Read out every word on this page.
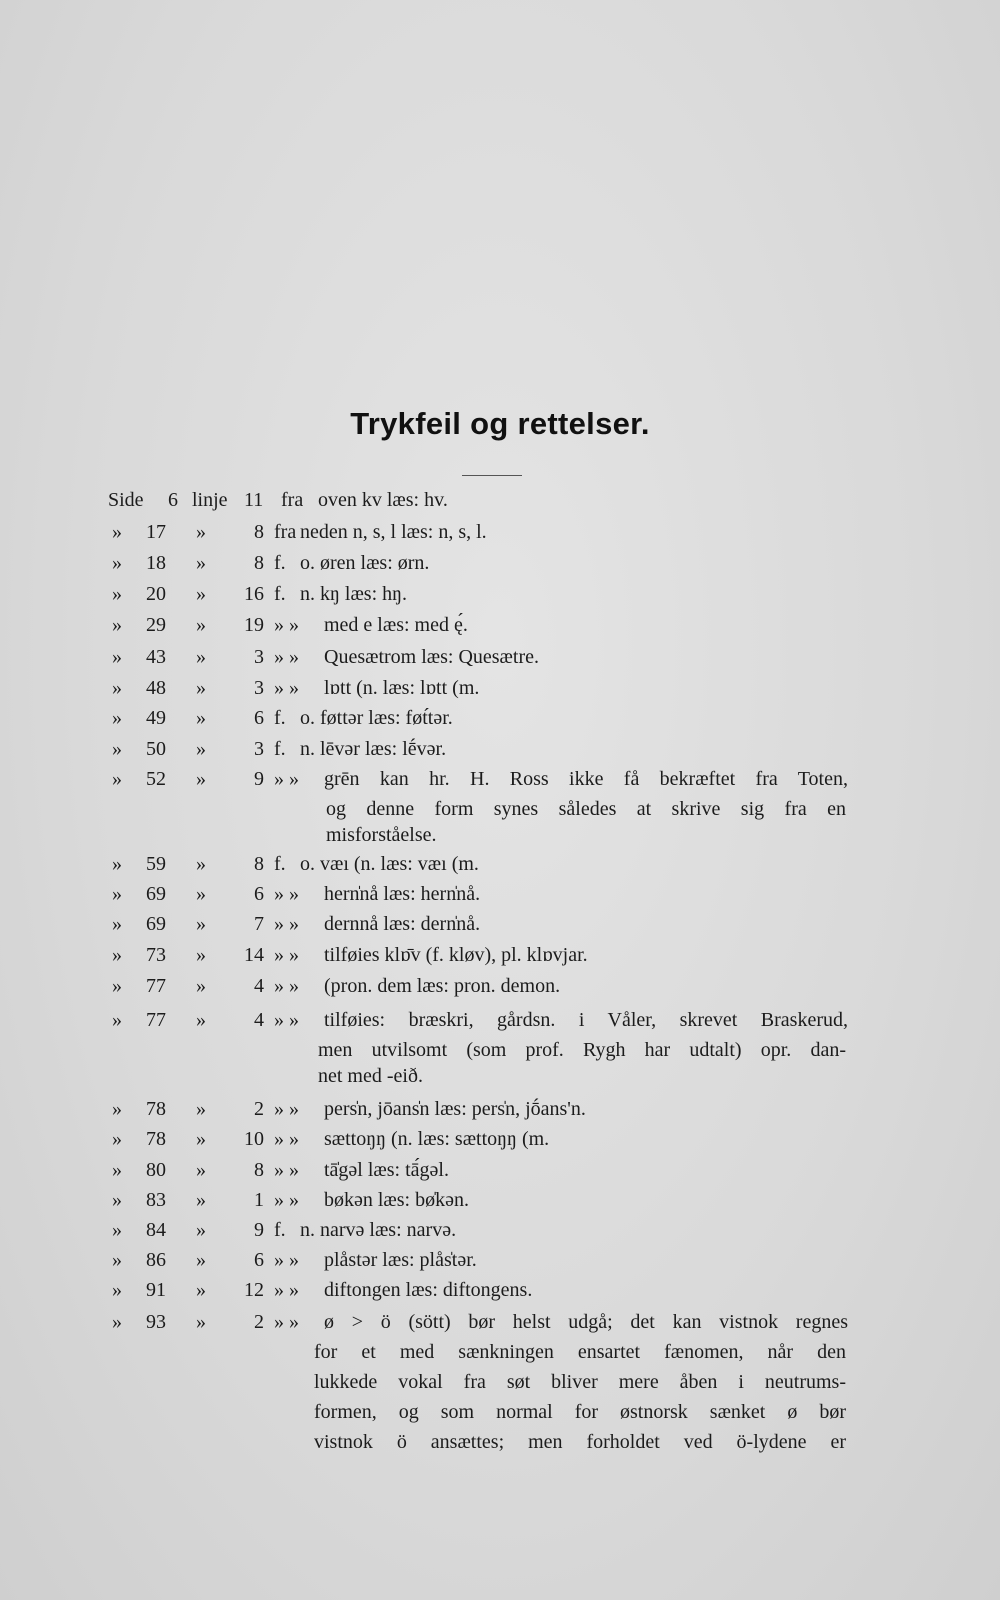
Trykfeil og rettelser.
Side 6 linje 11 fra oven kv læs: hv.
» 17 »	8 fra neden n, s, l læs: n, s, l.
» 18 »	8 f. o. øren læs: ørn.
» 20 »	16 f. n. kŋ læs: hŋ.
» 29 »	19 » » med e læs: med ę́.
» 43 »	3 » » Quesætrom læs: Quesætre.
» 48 »	3 » » lɒtt (n. læs: lɒtt (m.
» 49 »	6 f. o. føttər læs: føt́tər.
» 50 »	3 f. n. lēvər læs: lḗvər.
» 52 »	9 » » grēn kan hr. H. Ross ikke få bekræftet fra Toten,
og denne form synes således at skrive sig fra en
misforståelse.
» 59 »	8 f. o. væı (n. læs: væı (m.
» 69 »	6 » » hern̍nå læs: hern̍nå.
» 69 »	7 » » dernnå læs: dern̍nå.
» 73 »	14 » » tilføies klɒ̄v (f. kløv), pl. klɒvjar.
» 77 »	4 » » (pron. dem læs: pron. demon.
» 77 »	4 » » tilføies: bræskri, gårdsn. i Våler, skrevet Braskerud,
men utvilsomt (som prof. Rygh har udtalt) opr. dan-
net med -eið.
» 78 »	2 » » pers̍n, jōans̍n læs: pers̍n, jṓans'n.
» 78 »	10 » » sættoŋŋ (n. læs: sættoŋŋ (m.
» 80 »	8 » » tā̍gəl læs: tā́gəl.
» 83 »	1 » » bøkən læs: bø̍kən.
» 84 »	9 f. n. narvə læs: narvə.
» 86 »	6 » » plåstər læs: plås̍tər.
» 91 »	12 » » diftongen læs: diftongens.
» 93 »	2 » » ø > ö (sött) bør helst udgå; det kan vistnok regnes
for et med sænkningen ensartet fænomen, når den
lukkede vokal fra søt bliver mere åben i neutrums-
formen, og som normal for østnorsk sænket ø bør
vistnok ö ansættes; men forholdet ved ö-lydene er
